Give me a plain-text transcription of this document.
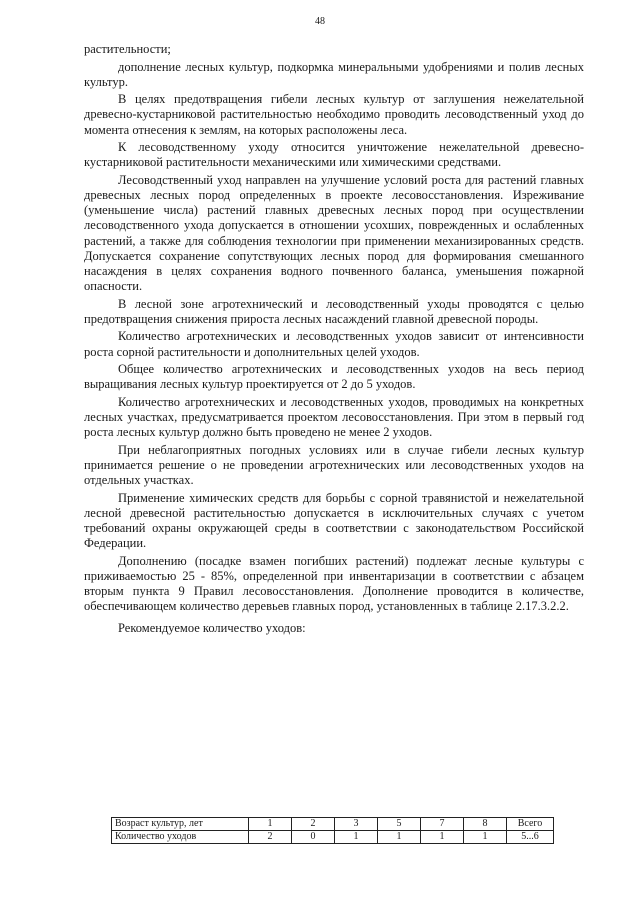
48

растительности;

дополнение лесных культур, подкормка минеральными удобрениями и полив лесных культур.

В целях предотвращения гибели лесных культур от заглушения нежелательной древесно-кустарниковой растительностью необходимо проводить лесоводственный уход до момента отнесения к землям, на которых расположены леса.

К лесоводственному уходу относится уничтожение нежелательной древесно-кустарниковой растительности механическими или химическими средствами.

Лесоводственный уход направлен на улучшение условий роста для растений главных древесных лесных пород определенных в проекте лесовосстановления. Изреживание (уменьшение числа) растений главных древесных лесных пород при осуществлении лесоводственного ухода допускается в отношении усохших, поврежденных и ослабленных растений, а также для соблюдения технологии при применении механизированных средств. Допускается сохранение сопутствующих лесных пород для формирования смешанного насаждения в целях сохранения водного почвенного баланса, уменьшения пожарной опасности.

В лесной зоне агротехнический и лесоводственный уходы проводятся с целью предотвращения снижения прироста лесных насаждений главной древесной породы.

Количество агротехнических и лесоводственных уходов зависит от интенсивности роста сорной растительности и дополнительных целей уходов.

Общее количество агротехнических и лесоводственных уходов на весь период выращивания лесных культур проектируется от 2 до 5 уходов.

Количество агротехнических и лесоводственных уходов, проводимых на конкретных лесных участках, предусматривается проектом лесовосстановления. При этом в первый год роста лесных культур должно быть проведено не менее 2 уходов.

При неблагоприятных погодных условиях или в случае гибели лесных культур принимается решение о не проведении агротехнических или лесоводственных уходов на отдельных участках.

Применение химических средств для борьбы с сорной травянистой и нежелательной лесной древесной растительностью допускается в исключительных случаях с учетом требований охраны окружающей среды в соответствии с законодательством Российской Федерации.

Дополнению (посадке взамен погибших растений) подлежат лесные культуры с приживаемостью 25 - 85%, определенной при инвентаризации в соответствии с абзацем вторым пункта 9 Правил лесовосстановления. Дополнение проводится в количестве, обеспечивающем количество деревьев главных пород, установленных в таблице 2.17.3.2.2.

Рекомендуемое количество уходов:

Возраст культур, лет	1	2	3	5	7	8	Всего
Количество уходов	2	0	1	1	1	1	5...6
